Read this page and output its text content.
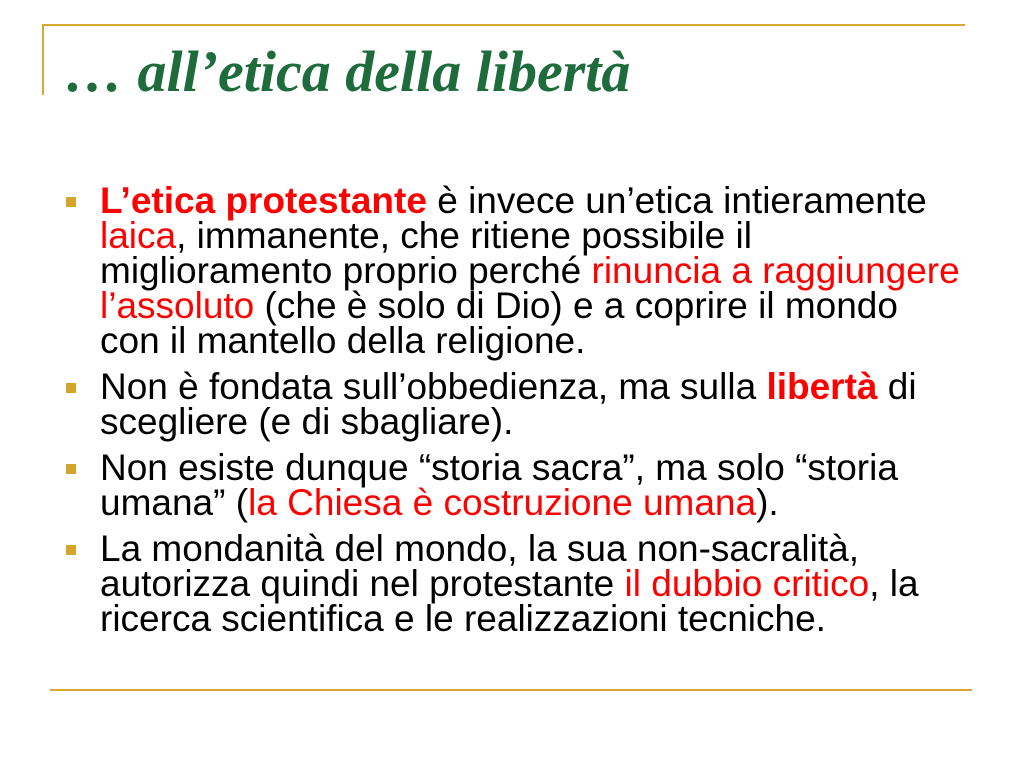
… all’etica della libertà
L’etica protestante è invece un’etica intieramente
laica, immanente, che ritiene possibile il
miglioramento proprio perché rinuncia a raggiungere
l’assoluto (che è solo di Dio) e a coprire il mondo
con il mantello della religione.
Non è fondata sull’obbedienza, ma sulla libertà di
scegliere (e di sbagliare).
Non esiste dunque “storia sacra”, ma solo “storia
umana” (la Chiesa è costruzione umana).
La mondanità del mondo, la sua non-sacralità,
autorizza quindi nel protestante il dubbio critico, la
ricerca scientifica e le realizzazioni tecniche.
